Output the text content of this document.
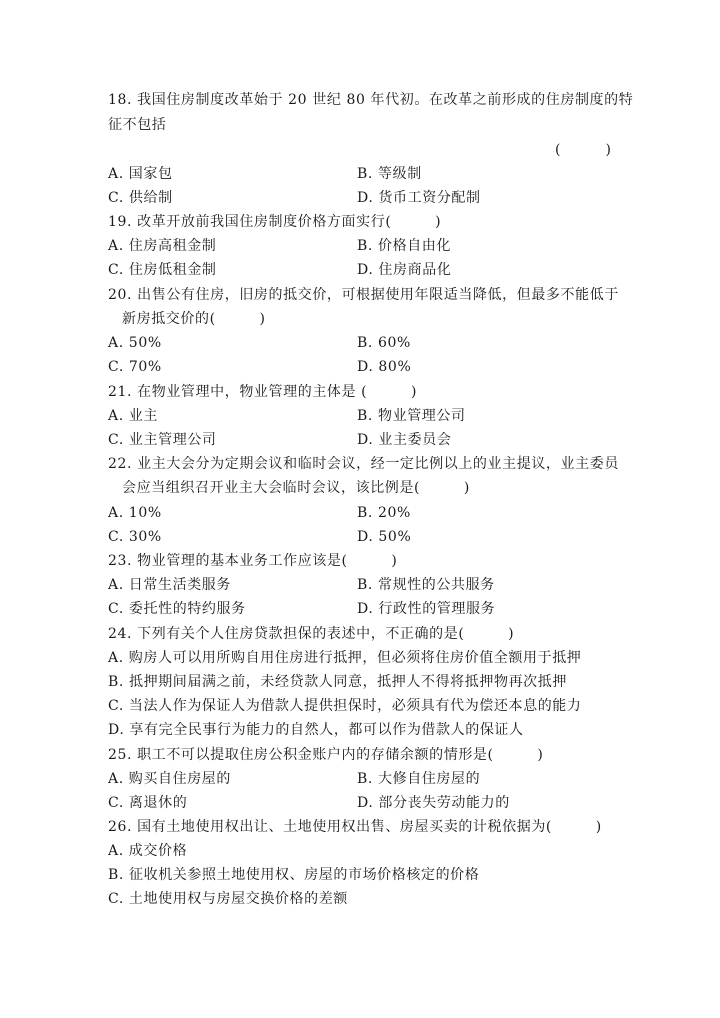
18. 我国住房制度改革始于 20 世纪 80 年代初。在改革之前形成的住房制度的特
征不包括
(	)
A. 国家包	B. 等级制
C. 供给制	D. 货币工资分配制
19. 改革开放前我国住房制度价格方面实行(　　　)
A. 住房高租金制	B. 价格自由化
C. 住房低租金制	D. 住房商品化
20. 出售公有住房，旧房的抵交价，可根据使用年限适当降低，但最多不能低于
新房抵交价的(　　　)
A. 50%	B. 60%
C. 70%	D. 80%
21. 在物业管理中，物业管理的主体是 (　　　)
A. 业主	B. 物业管理公司
C. 业主管理公司	D. 业主委员会
22. 业主大会分为定期会议和临时会议，经一定比例以上的业主提议，业主委员
会应当组织召开业主大会临时会议，该比例是(　　　)
A. 10%	B. 20%
C. 30%	D. 50%
23. 物业管理的基本业务工作应该是(　　　)
A. 日常生活类服务	B. 常规性的公共服务
C. 委托性的特约服务	D. 行政性的管理服务
24. 下列有关个人住房贷款担保的表述中，不正确的是(　　　)
A. 购房人可以用所购自用住房进行抵押，但必须将住房价值全额用于抵押
B. 抵押期间届满之前，未经贷款人同意，抵押人不得将抵押物再次抵押
C. 当法人作为保证人为借款人提供担保时，必须具有代为偿还本息的能力
D. 享有完全民事行为能力的自然人，都可以作为借款人的保证人
25. 职工不可以提取住房公积金账户内的存储余额的情形是(　　　)
A. 购买自住房屋的	B. 大修自住房屋的
C. 离退休的	D. 部分丧失劳动能力的
26. 国有土地使用权出让、土地使用权出售、房屋买卖的计税依据为(　　　)
A. 成交价格
B. 征收机关参照土地使用权、房屋的市场价格核定的价格
C. 土地使用权与房屋交换价格的差额
